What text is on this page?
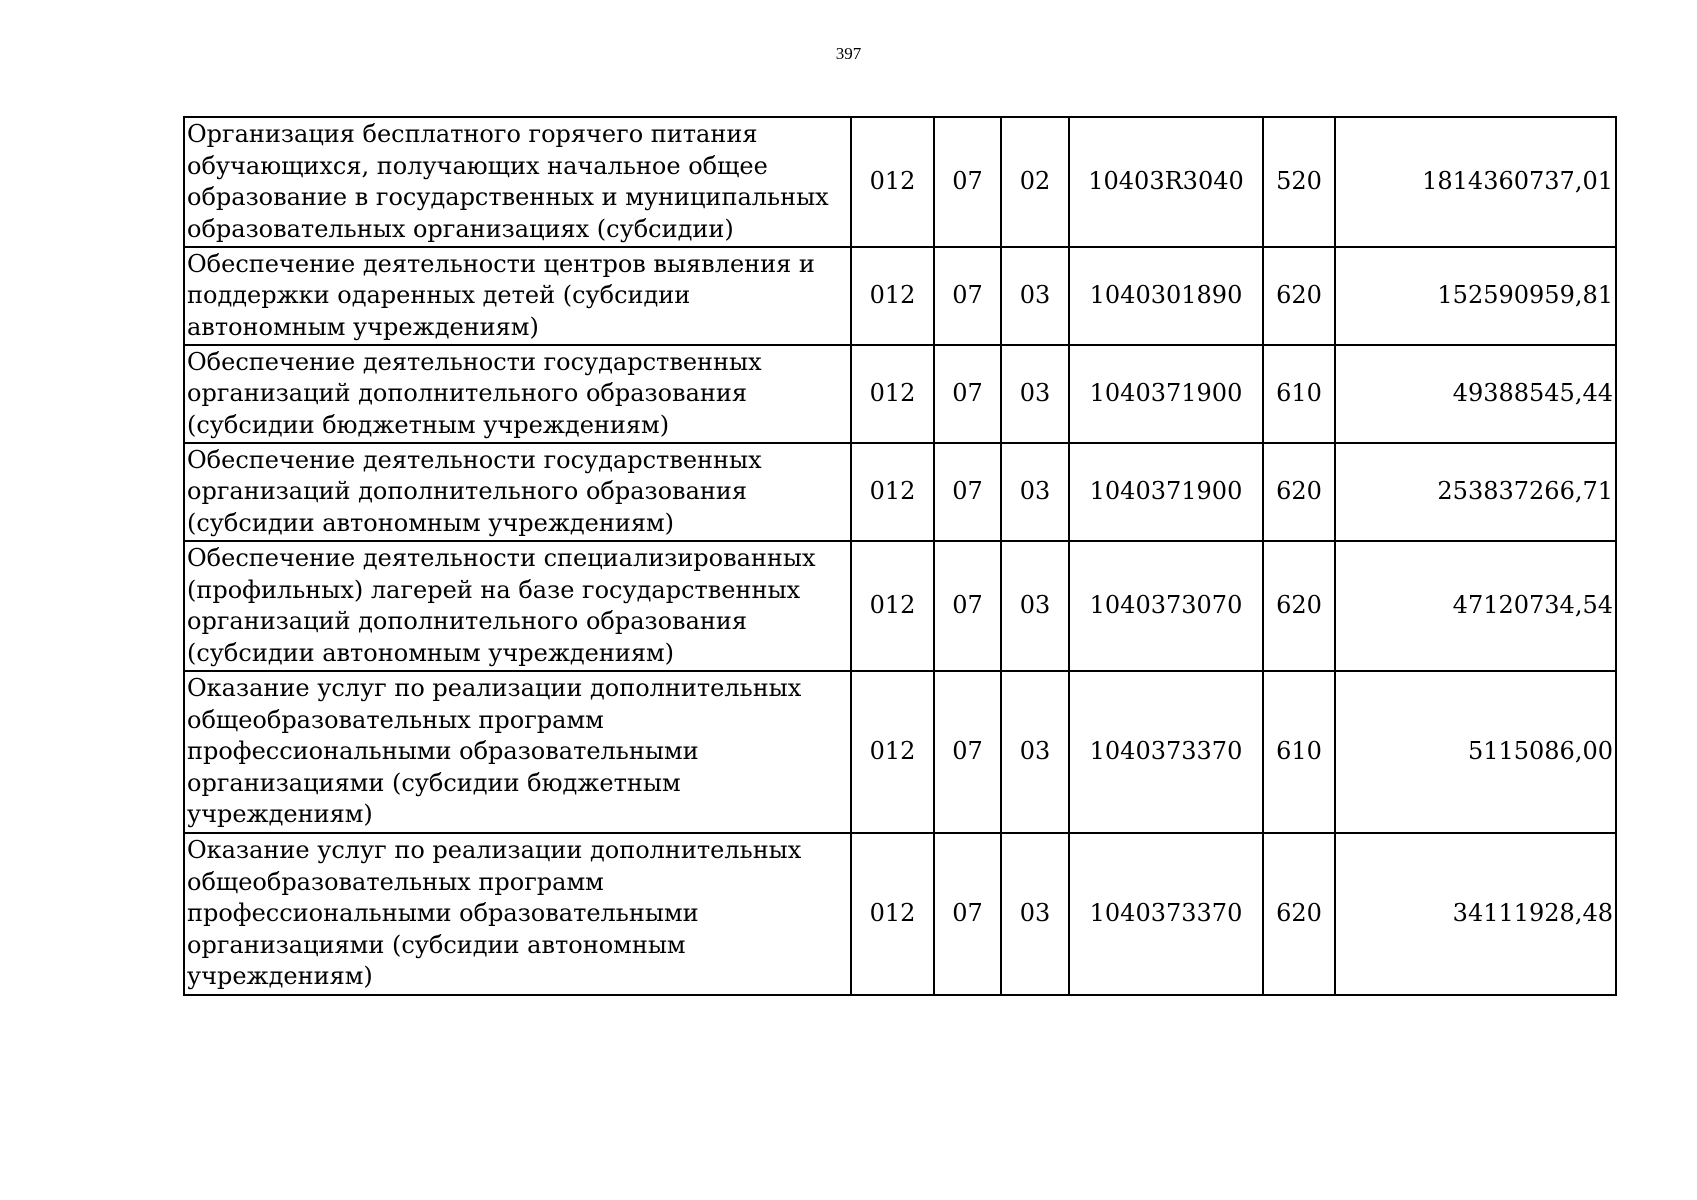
397
Организация бесплатного горячего питания обучающихся, получающих начальное общее образование в государственных и муниципальных образовательных организациях (субсидии)	012	07	02	10403R3040	520	1814360737,01
Обеспечение деятельности центров выявления и поддержки одаренных детей (субсидии автономным учреждениям)	012	07	03	1040301890	620	152590959,81
Обеспечение деятельности государственных организаций дополнительного образования (субсидии бюджетным учреждениям)	012	07	03	1040371900	610	49388545,44
Обеспечение деятельности государственных организаций дополнительного образования (субсидии автономным учреждениям)	012	07	03	1040371900	620	253837266,71
Обеспечение деятельности специализированных (профильных) лагерей на базе государственных организаций дополнительного образования (субсидии автономным учреждениям)	012	07	03	1040373070	620	47120734,54
Оказание услуг по реализации дополнительных общеобразовательных программ профессиональными образовательными организациями (субсидии бюджетным учреждениям)	012	07	03	1040373370	610	5115086,00
Оказание услуг по реализации дополнительных общеобразовательных программ профессиональными образовательными организациями (субсидии автономным учреждениям)	012	07	03	1040373370	620	34111928,48
